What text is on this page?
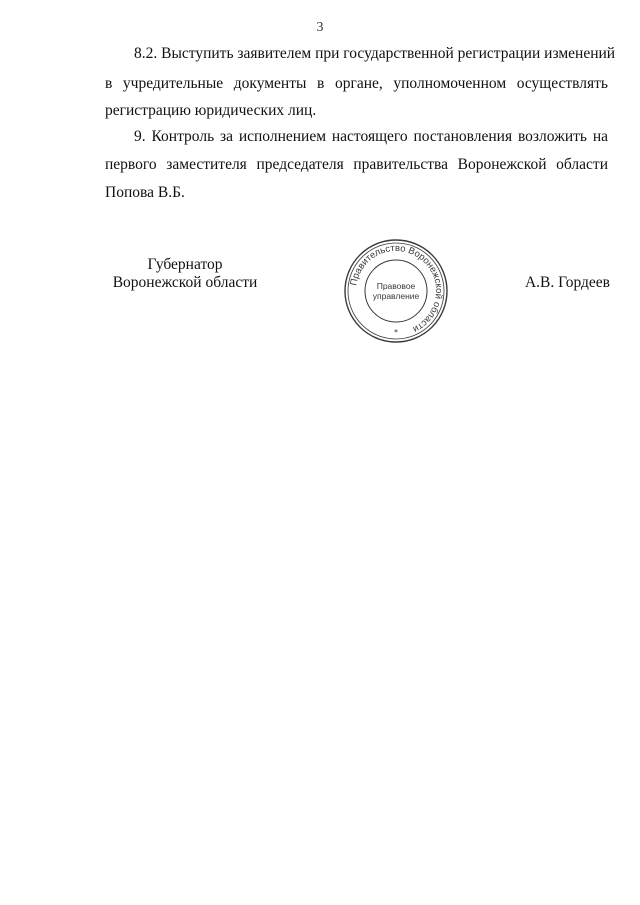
3

8.2. Выступить заявителем при государственной регистрации изменений

в учредительные документы в органе, уполномоченном осуществлять

регистрацию юридических лиц.

9. Контроль за исполнением настоящего постановления возложить на

первого заместителя председателя правительства Воронежской области

Попова В.Б.

Губернатор
Воронежской области	А.В. Гордеев
Правительство Воронежской области
Правовое
управление
*
